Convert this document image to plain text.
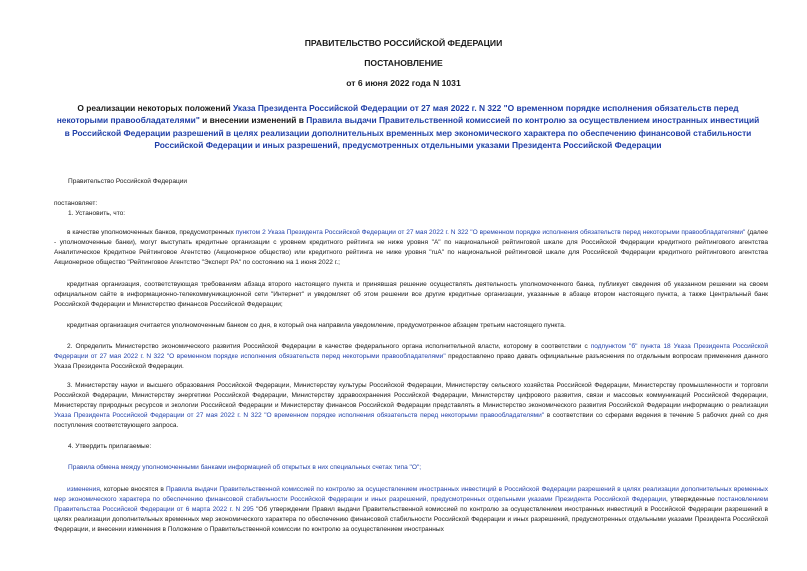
ПРАВИТЕЛЬСТВО РОССИЙСКОЙ ФЕДЕРАЦИИ
ПОСТАНОВЛЕНИЕ
от 6 июня 2022 года N 1031
О реализации некоторых положений Указа Президента Российской Федерации от 27 мая 2022 г. N 322 "О временном порядке исполнения обязательств перед некоторыми правообладателями" и внесении изменений в Правила выдачи Правительственной комиссией по контролю за осуществлением иностранных инвестиций в Российской Федерации разрешений в целях реализации дополнительных временных мер экономического характера по обеспечению финансовой стабильности Российской Федерации и иных разрешений, предусмотренных отдельными указами Президента Российской Федерации
Правительство Российской Федерации
постановляет:
1. Установить, что:
в качестве уполномоченных банков, предусмотренных пунктом 2 Указа Президента Российской Федерации от 27 мая 2022 г. N 322 "О временном порядке исполнения обязательств перед некоторыми правообладателями" (далее - уполномоченные банки), могут выступать кредитные организации с уровнем кредитного рейтинга не ниже уровня "A" по национальной рейтинговой шкале для Российской Федерации кредитного рейтингового агентства Аналитическое Кредитное Рейтинговое Агентство (Акционерное общество) или кредитного рейтинга не ниже уровня "ruA" по национальной рейтинговой шкале для Российской Федерации кредитного рейтингового агентства Акционерное общество "Рейтинговое Агентство "Эксперт РА" по состоянию на 1 июня 2022 г.;
кредитная организация, соответствующая требованиям абзаца второго настоящего пункта и принявшая решение осуществлять деятельность уполномоченного банка, публикует сведения об указанном решении на своем официальном сайте в информационно-телекоммуникационной сети "Интернет" и уведомляет об этом решении все другие кредитные организации, указанные в абзаце втором настоящего пункта, а также Центральный банк Российской Федерации и Министерство финансов Российской Федерации;
кредитная организация считается уполномоченным банком со дня, в который она направила уведомление, предусмотренное абзацем третьим настоящего пункта.
2. Определить Министерство экономического развития Российской Федерации в качестве федерального органа исполнительной власти, которому в соответствии с подпунктом "б" пункта 18 Указа Президента Российской Федерации от 27 мая 2022 г. N 322 "О временном порядке исполнения обязательств перед некоторыми правообладателями" предоставлено право давать официальные разъяснения по отдельным вопросам применения данного Указа Президента Российской Федерации.
3. Министерству науки и высшего образования Российской Федерации, Министерству культуры Российской Федерации, Министерству сельского хозяйства Российской Федерации, Министерству промышленности и торговли Российской Федерации, Министерству энергетики Российской Федерации, Министерству здравоохранения Российской Федерации, Министерству цифрового развития, связи и массовых коммуникаций Российской Федерации, Министерству природных ресурсов и экологии Российской Федерации и Министерству финансов Российской Федерации представлять в Министерство экономического развития Российской Федерации информацию о реализации Указа Президента Российской Федерации от 27 мая 2022 г. N 322 "О временном порядке исполнения обязательств перед некоторыми правообладателями" в соответствии со сферами ведения в течение 5 рабочих дней со дня поступления соответствующего запроса.
4. Утвердить прилагаемые:
Правила обмена между уполномоченными банками информацией об открытых в них специальных счетах типа "О";
изменения, которые вносятся в Правила выдачи Правительственной комиссией по контролю за осуществлением иностранных инвестиций в Российской Федерации разрешений в целях реализации дополнительных временных мер экономического характера по обеспечению финансовой стабильности Российской Федерации и иных разрешений, предусмотренных отдельными указами Президента Российской Федерации, утвержденные постановлением Правительства Российской Федерации от 6 марта 2022 г. N 295 "Об утверждении Правил выдачи Правительственной комиссией по контролю за осуществлением иностранных инвестиций в Российской Федерации разрешений в целях реализации дополнительных временных мер экономического характера по обеспечению финансовой стабильности Российской Федерации и иных разрешений, предусмотренных отдельными указами Президента Российской Федерации, и внесении изменения в Положение о Правительственной комиссии по контролю за осуществлением иностранных
